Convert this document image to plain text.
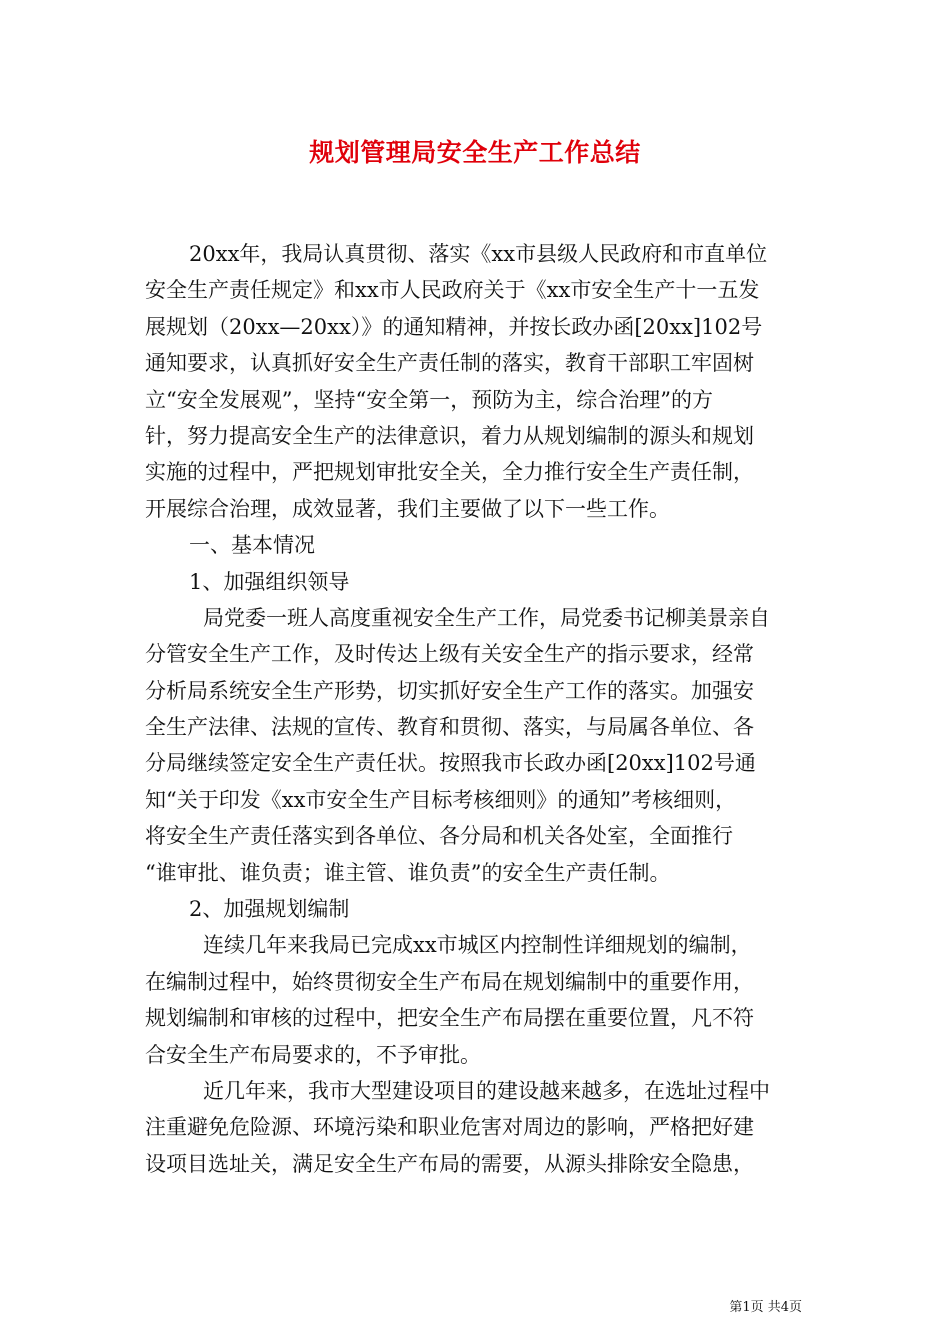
规划管理局安全生产工作总结
20xx年，我局认真贯彻、落实《xx市县级人民政府和市直单位
安全生产责任规定》和xx市人民政府关于《xx市安全生产十一五发
展规划（20xx—20xx）》的通知精神，并按长政办函[20xx]102号
通知要求，认真抓好安全生产责任制的落实，教育干部职工牢固树
立“安全发展观”，坚持“安全第一，预防为主，综合治理”的方
针，努力提高安全生产的法律意识，着力从规划编制的源头和规划
实施的过程中，严把规划审批安全关，全力推行安全生产责任制，
开展综合治理，成效显著，我们主要做了以下一些工作。
一、基本情况
1、加强组织领导
局党委一班人高度重视安全生产工作，局党委书记柳美景亲自
分管安全生产工作，及时传达上级有关安全生产的指示要求，经常
分析局系统安全生产形势，切实抓好安全生产工作的落实。加强安
全生产法律、法规的宣传、教育和贯彻、落实，与局属各单位、各
分局继续签定安全生产责任状。按照我市长政办函[20xx]102号通
知“关于印发《xx市安全生产目标考核细则》的通知”考核细则，
将安全生产责任落实到各单位、各分局和机关各处室，全面推行
“谁审批、谁负责；谁主管、谁负责”的安全生产责任制。
2、加强规划编制
连续几年来我局已完成xx市城区内控制性详细规划的编制，
在编制过程中，始终贯彻安全生产布局在规划编制中的重要作用，
规划编制和审核的过程中，把安全生产布局摆在重要位置，凡不符
合安全生产布局要求的，不予审批。
近几年来，我市大型建设项目的建设越来越多，在选址过程中
注重避免危险源、环境污染和职业危害对周边的影响，严格把好建
设项目选址关，满足安全生产布局的需要，从源头排除安全隐患，
第1页 共4页
